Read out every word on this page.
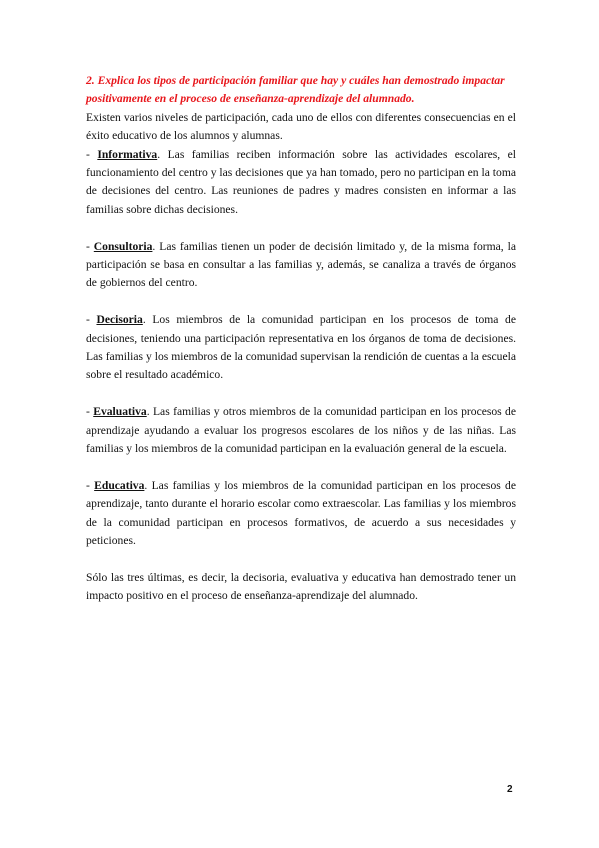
2. Explica los tipos de participación familiar que hay y cuáles han demostrado impactar positivamente en el proceso de enseñanza-aprendizaje del alumnado.

Existen varios niveles de participación, cada uno de ellos con diferentes consecuencias en el éxito educativo de los alumnos y alumnas.

- Informativa. Las familias reciben información sobre las actividades escolares, el funcionamiento del centro y las decisiones que ya han tomado, pero no participan en la toma de decisiones del centro. Las reuniones de padres y madres consisten en informar a las familias sobre dichas decisiones.

- Consultoria. Las familias tienen un poder de decisión limitado y, de la misma forma, la participación se basa en consultar a las familias y, además, se canaliza a través de órganos de gobiernos del centro.

- Decisoria. Los miembros de la comunidad participan en los procesos de toma de decisiones, teniendo una participación representativa en los órganos de toma de decisiones. Las familias y los miembros de la comunidad supervisan la rendición de cuentas a la escuela sobre el resultado académico.

- Evaluativa. Las familias y otros miembros de la comunidad participan en los procesos de aprendizaje ayudando a evaluar los progresos escolares de los niños y de las niñas. Las familias y los miembros de la comunidad participan en la evaluación general de la escuela.

- Educativa. Las familias y los miembros de la comunidad participan en los procesos de aprendizaje, tanto durante el horario escolar como extraescolar. Las familias y los miembros de la comunidad participan en procesos formativos, de acuerdo a sus necesidades y peticiones.

Sólo las tres últimas, es decir, la decisoria, evaluativa y educativa han demostrado tener un impacto positivo en el proceso de enseñanza-aprendizaje del alumnado.

2
